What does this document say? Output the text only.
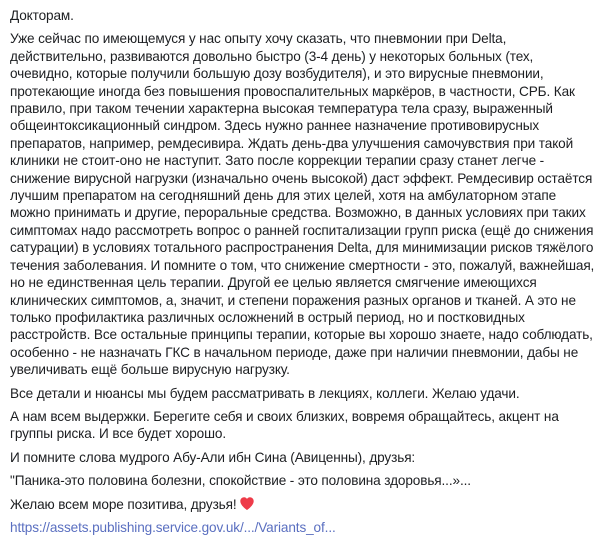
Докторам.

Уже сейчас по имеющемуся у нас опыту хочу сказать, что пневмонии при Delta, действительно, развиваются довольно быстро (3-4 день) у некоторых больных (тех, очевидно, которые получили большую дозу возбудителя), и это вирусные пневмонии, протекающие иногда без повышения провоспалительных маркёров, в частности, СРБ. Как правило, при таком течении характерна высокая температура тела сразу, выраженный общеинтоксикационный синдром. Здесь нужно раннее назначение противовирусных препаратов, например, ремдесивира. Ждать день-два улучшения самочувствия при такой клиники не стоит-оно не наступит. Зато после коррекции терапии сразу станет легче - снижение вирусной нагрузки (изначально очень высокой) даст эффект. Ремдесивир остаётся лучшим препаратом на сегодняшний день для этих целей, хотя на амбулаторном этапе можно принимать и другие, пероральные средства. Возможно, в данных условиях при таких симптомах надо рассмотреть вопрос о ранней госпитализации групп риска (ещё до снижения сатурации) в условиях тотального распространения Delta, для минимизации рисков тяжёлого течения заболевания. И помните о том, что снижение смертности - это, пожалуй, важнейшая, но не единственная цель терапии. Другой ее целью является смягчение имеющихся клинических симптомов, а, значит, и степени поражения разных органов и тканей. А это не только профилактика различных осложнений в острый период, но и постковидных расстройств. Все остальные принципы терапии, которые вы хорошо знаете, надо соблюдать, особенно - не назначать ГКС в начальном периоде, даже при наличии пневмонии, дабы не увеличивать ещё больше вирусную нагрузку.

Все детали и нюансы мы будем рассматривать в лекциях, коллеги. Желаю удачи.

А нам всем выдержки. Берегите себя и своих близких, вовремя обращайтесь, акцент на группы риска. И все будет хорошо.

И помните слова мудрого Абу-Али ибн Сина (Авиценны), друзья:

"Паника-это половина болезни, спокойствие - это половина здоровья...»...

Желаю всем море позитива, друзья!

https://assets.publishing.service.gov.uk/.../Variants_of...
